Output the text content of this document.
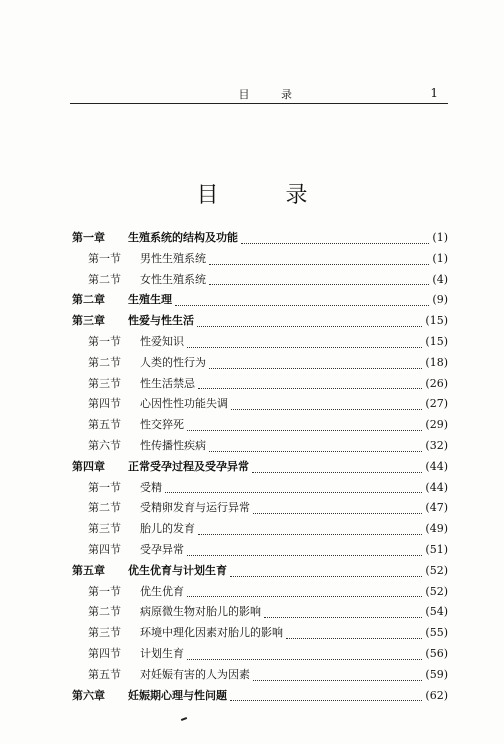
目 录	1
目 录
第一章	生殖系统的结构及功能	(1)
第一节	男性生殖系统	(1)
第二节	女性生殖系统	(4)
第二章	生殖生理	(9)
第三章	性爱与性生活	(15)
第一节	性爱知识	(15)
第二节	人类的性行为	(18)
第三节	性生活禁忌	(26)
第四节	心因性性功能失调	(27)
第五节	性交猝死	(29)
第六节	性传播性疾病	(32)
第四章	正常受孕过程及受孕异常	(44)
第一节	受精	(44)
第二节	受精卵发育与运行异常	(47)
第三节	胎儿的发育	(49)
第四节	受孕异常	(51)
第五章	优生优育与计划生育	(52)
第一节	优生优育	(52)
第二节	病原微生物对胎儿的影响	(54)
第三节	环境中理化因素对胎儿的影响	(55)
第四节	计划生育	(56)
第五节	对妊娠有害的人为因素	(59)
第六章	妊娠期心理与性问题	(62)
